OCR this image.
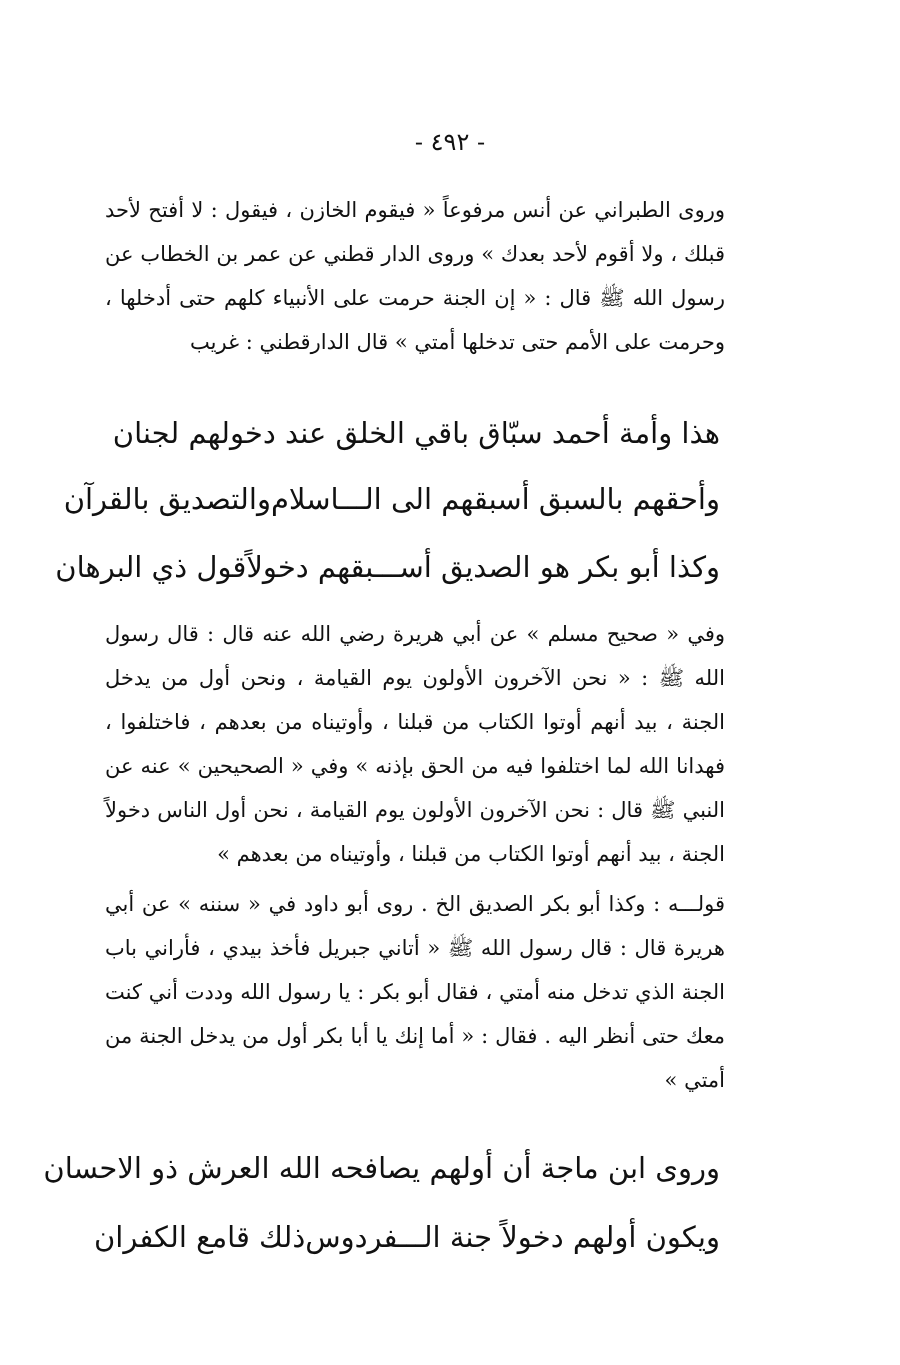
- ٤٩٢ -
وروى الطبراني عن أنس مرفوعاً « فيقوم الخازن ، فيقول : لا أفتح لأحد قبلك ، ولا أقوم لأحد بعدك » وروى الدار قطني عن عمر بن الخطاب عن رسول الله ﷺ قال : « إن الجنة حرمت على الأنبياء كلهم حتى أدخلها ، وحرمت على الأمم حتى تدخلها أمتي » قال الدارقطني : غريب
هذا وأمة أحمد سبّاق با
قي الخلق عند دخولهم لجنان
وأحقهم بالسبق أسبقهم الى الـــاسلام
والتصديق بالقرآن
وكذا أبو بكر هو الصديق أســـبقهم دخولاً
قول ذي البرهان
وفي « صحيح مسلم » عن أبي هريرة رضي الله عنه قال : قال رسول الله ﷺ : « نحن الآخرون الأولون يوم القيامة ، ونحن أول من يدخل الجنة ، بيد أنهم أوتوا الكتاب من قبلنا ، وأوتيناه من بعدهم ، فاختلفوا ، فهدانا الله لما اختلفوا فيه من الحق بإذنه » وفي « الصحيحين » عنه عن النبي ﷺ قال : نحن الآخرون الأولون يوم القيامة ، نحن أول الناس دخولاً الجنة ، بيد أنهم أوتوا الكتاب من قبلنا ، وأوتيناه من بعدهم »
قولـــه : وكذا أبو بكر الصديق الخ . روى أبو داود في « سننه » عن أبي هريرة قال : قال رسول الله ﷺ « أتاني جبريل فأخذ بيدي ، فأراني باب الجنة الذي تدخل منه أمتي ، فقال أبو بكر : يا رسول الله وددت أني كنت معك حتى أنظر اليه . فقال : « أما إنك يا أبا بكر أول من يدخل الجنة من أمتي »
وروى ابن ماجة أن أولهم يصا
فحه الله العرش ذو الاحسان
ويكون أولهم دخولاً جنة الـــفردوس
ذلك قامع الكفران
